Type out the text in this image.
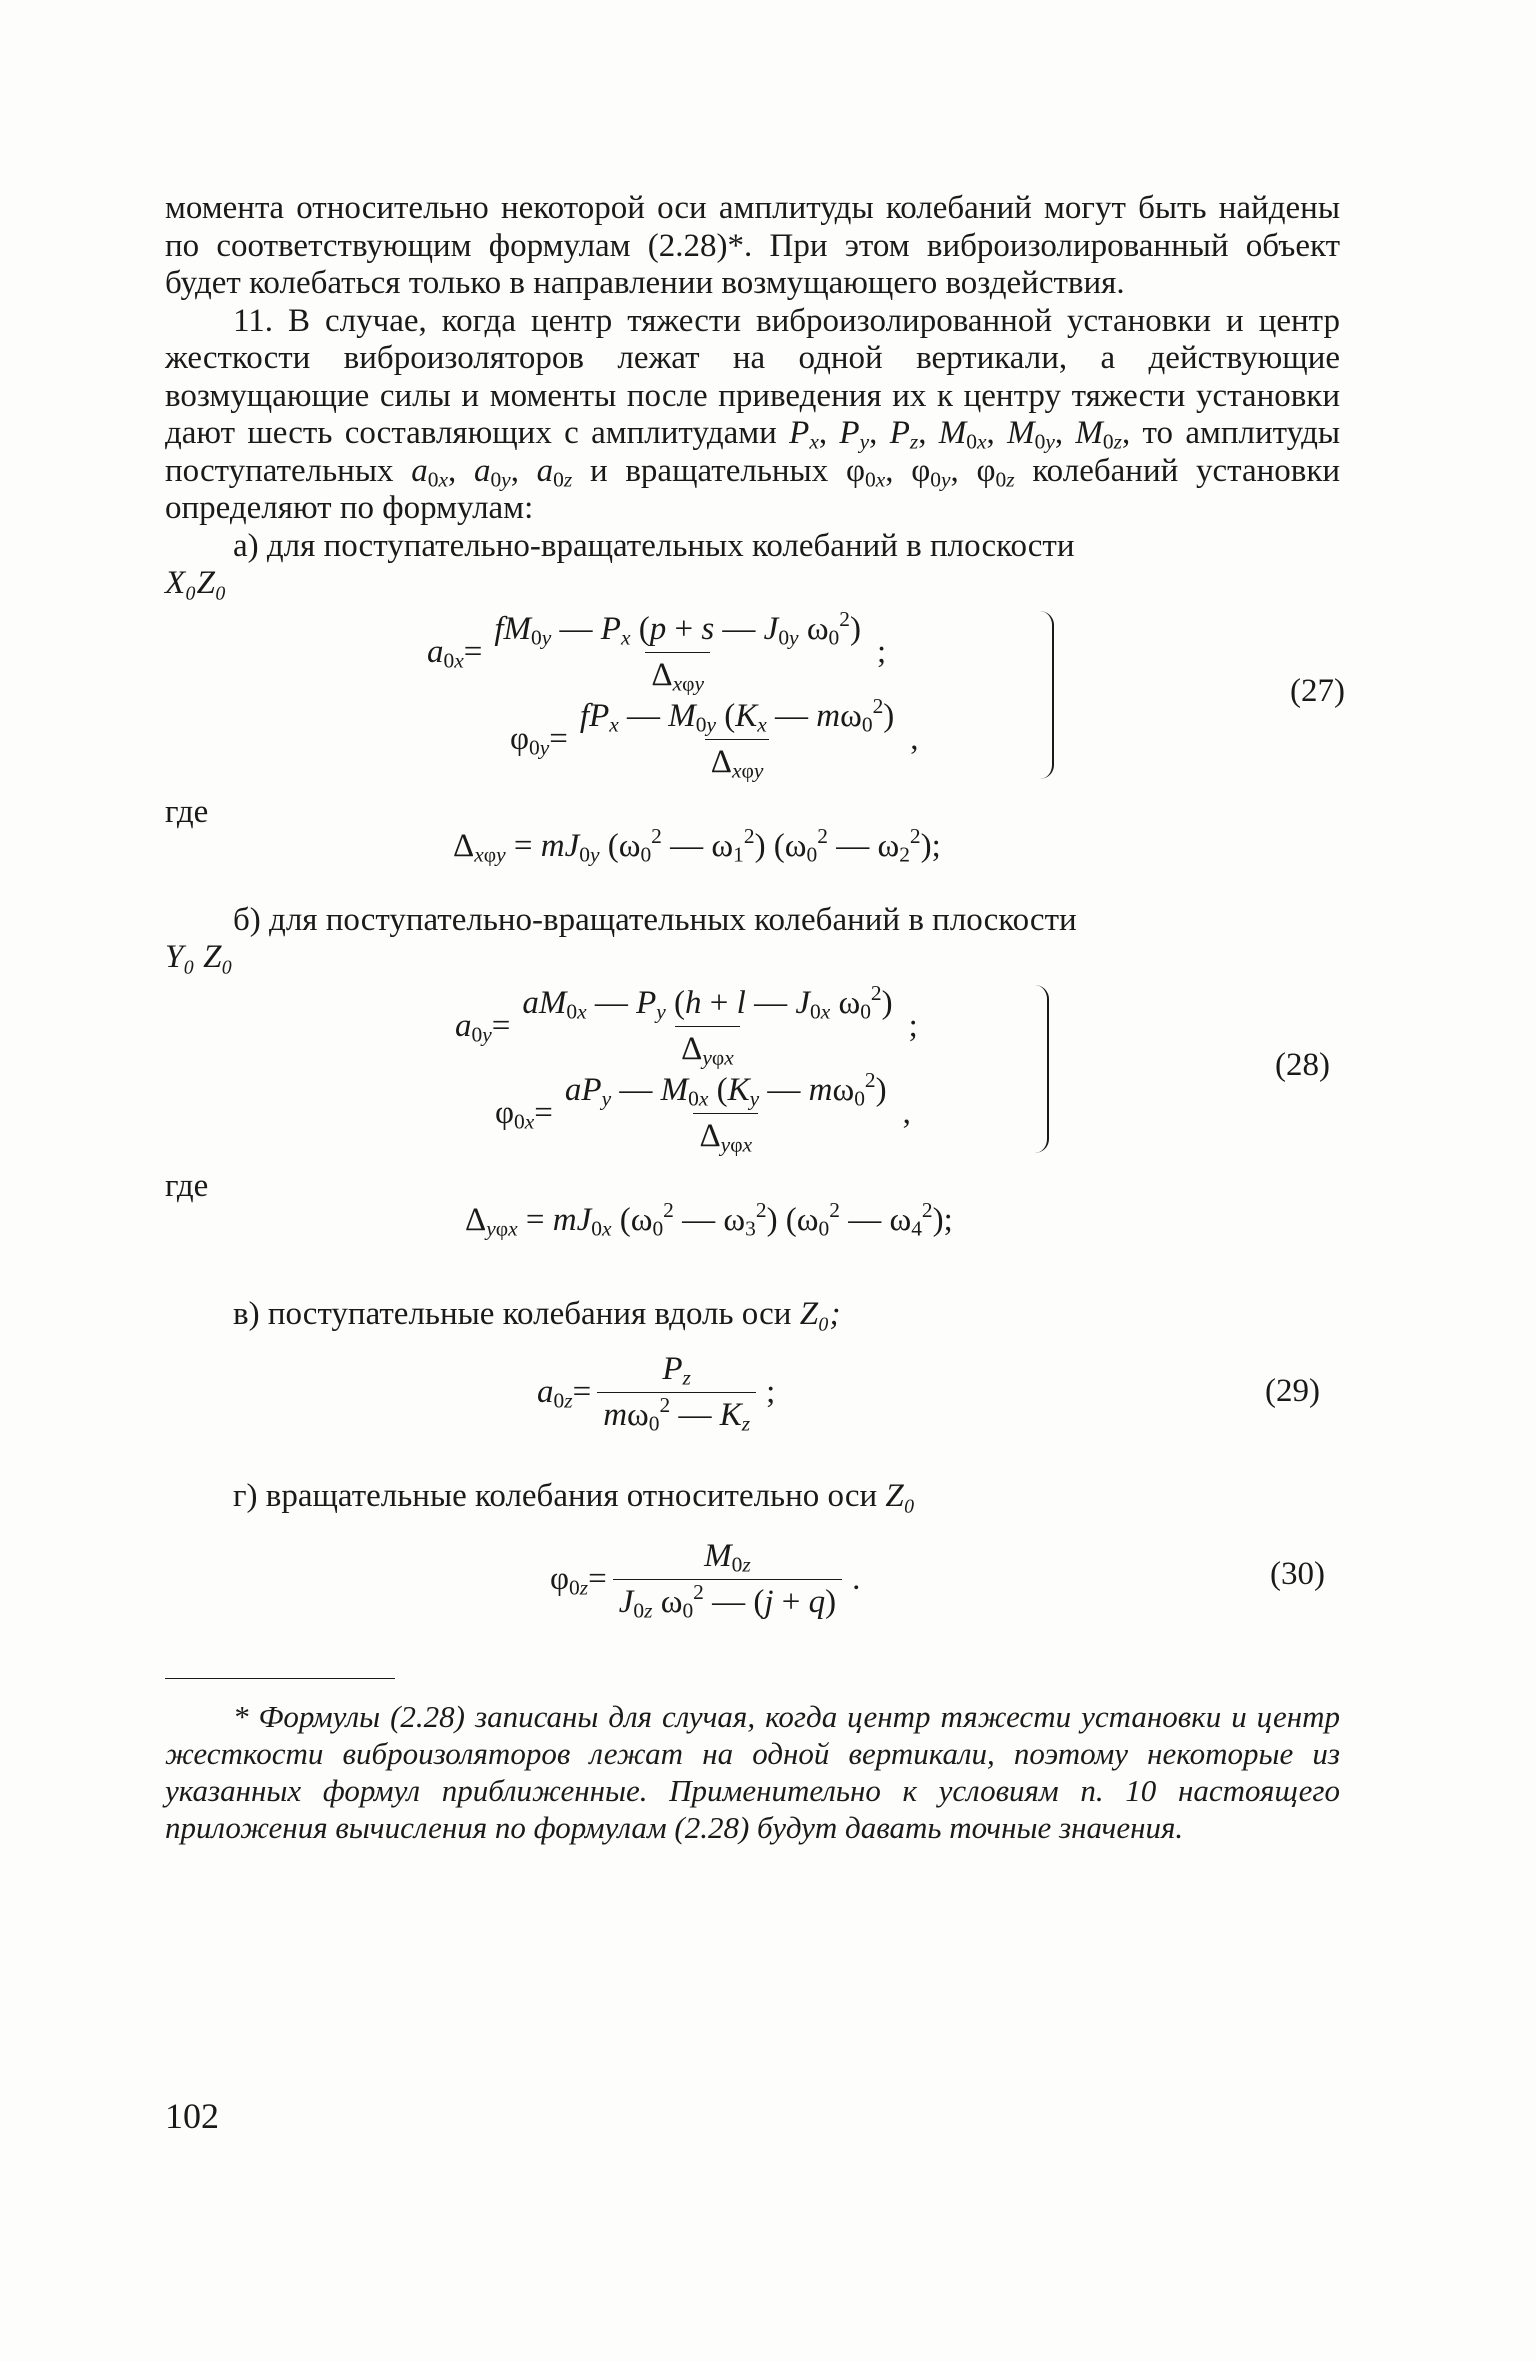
моментa относительно некоторой оси амплитуды колебаний могут быть найдены по соответствующим формулам (2.28)*. При этом виброизолированный объект будет колебаться только в направлении возмущающего воздействия.

11. В случае, когда центр тяжести виброизолированной установки и центр жесткости виброизоляторов лежат на одной вертикали, а действующие возмущающие силы и моменты после приведения их к центру тяжести установки дают шесть составляющих с амплитудами $P_x$, $P_y$, $P_z$, $M_{0x}$, $M_{0y}$, $M_{0z}$, то амплитуды поступательных $a_{0x}$, $a_{0y}$, $a_{0z}$ и вращательных $\varphi_{0x}$, $\varphi_{0y}$, $\varphi_{0z}$ колебаний установки определяют по формулам:

а) для поступательно-вращательных колебаний в плоскости
X₀Z₀

$a_{0x}= \frac{fM_{0y} — P_x (p + s — J_{0y} \omega_0^2)}{\Delta_{x\varphi y}}$ ;
$\varphi_{0y}= \frac{fP_x — M_{0y} (K_x — m\omega_0^2)}{\Delta_{x\varphi y}}$ ,
(27)
где
$\Delta_{x\varphi y} = mJ_{0y}$ ($\omega_0^2$ — $\omega_1^2$) ($\omega_0^2$ — $\omega_2^2$);

б) для поступательно-вращательных колебаний в плоскости
Y₀ Z₀

$a_{0y}= \frac{aM_{0x} — P_y (h + l — J_{0x} \omega_0^2)}{\Delta_{y\varphi x}}$ ;
$\varphi_{0x}= \frac{aP_y — M_{0x} (K_y — m\omega_0^2)}{\Delta_{y\varphi x}}$ ,
(28)
где
$\Delta_{y\varphi x} = mJ_{0x}$ ($\omega_0^2$ — $\omega_3^2$) ($\omega_0^2$ — $\omega_4^2$);

в) поступательные колебания вдоль оси Z₀;

$a_{0z}= \frac{P_z}{m\omega_0^2 — K_z}$ ;	(29)

г) вращательные колебания относительно оси Z₀

$\varphi_{0z}= \frac{M_{0z}}{J_{0z} \omega_0^2 — (j + q)}$ .	(30)

* Формулы (2.28) записаны для случая, когда центр тяжести установки и центр жесткости виброизоляторов лежат на одной вертикали, поэтому некоторые из указанных формул приближенные. Применительно к условиям п. 10 настоящего приложения вычисления по формулам (2.28) будут давать точные значения.

102
